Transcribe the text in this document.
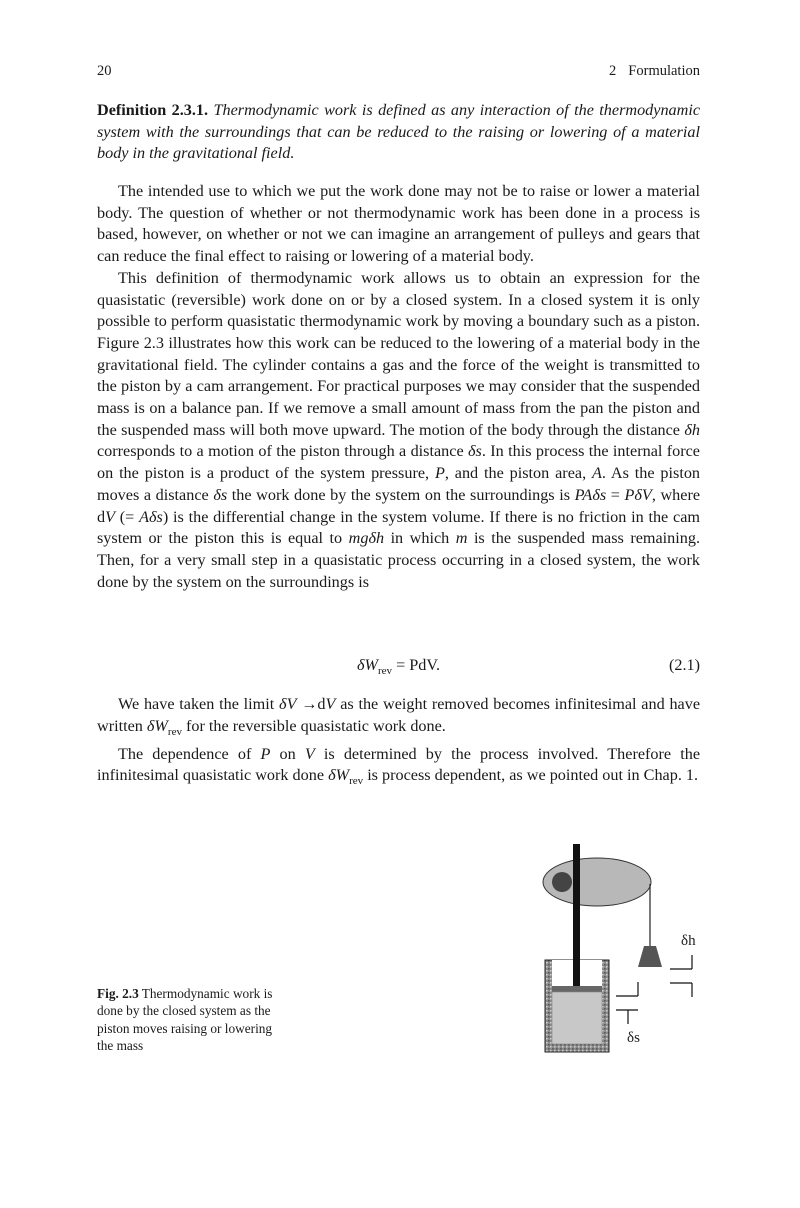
20	2 Formulation
Definition 2.3.1. Thermodynamic work is defined as any interaction of the thermodynamic system with the surroundings that can be reduced to the raising or lowering of a material body in the gravitational field.

The intended use to which we put the work done may not be to raise or lower a material body. The question of whether or not thermodynamic work has been done in a process is based, however, on whether or not we can imagine an arrangement of pulleys and gears that can reduce the final effect to raising or lowering of a material body.

This definition of thermodynamic work allows us to obtain an expression for the quasistatic (reversible) work done on or by a closed system. In a closed system it is only possible to perform quasistatic thermodynamic work by moving a boundary such as a piston. Figure 2.3 illustrates how this work can be reduced to the lowering of a material body in the gravitational field. The cylinder contains a gas and the force of the weight is transmitted to the piston by a cam arrangement. For practical purposes we may consider that the suspended mass is on a balance pan. If we remove a small amount of mass from the pan the piston and the suspended mass will both move upward. The motion of the body through the distance δh corresponds to a motion of the piston through a distance δs. In this process the internal force on the piston is a product of the system pressure, P, and the piston area, A. As the piston moves a distance δs the work done by the system on the surroundings is PAδs = PδV, where dV (= Aδs) is the differential change in the system volume. If there is no friction in the cam system or the piston this is equal to mgδh in which m is the suspended mass remaining. Then, for a very small step in a quasistatic process occurring in a closed system, the work done by the system on the surroundings is

$\delta W_{rev}$ = PdV.	(2.1)

We have taken the limit δV →dV as the weight removed becomes infinitesimal and have written $\delta W_{rev}$ for the reversible quasistatic work done.

The dependence of P on V is determined by the process involved. Therefore the infinitesimal quasistatic work done $\delta W_{rev}$ is process dependent, as we pointed out in Chap. 1.

Fig. 2.3 Thermodynamic work is done by the closed system as the piston moves raising or lowering the mass
δh
δs
